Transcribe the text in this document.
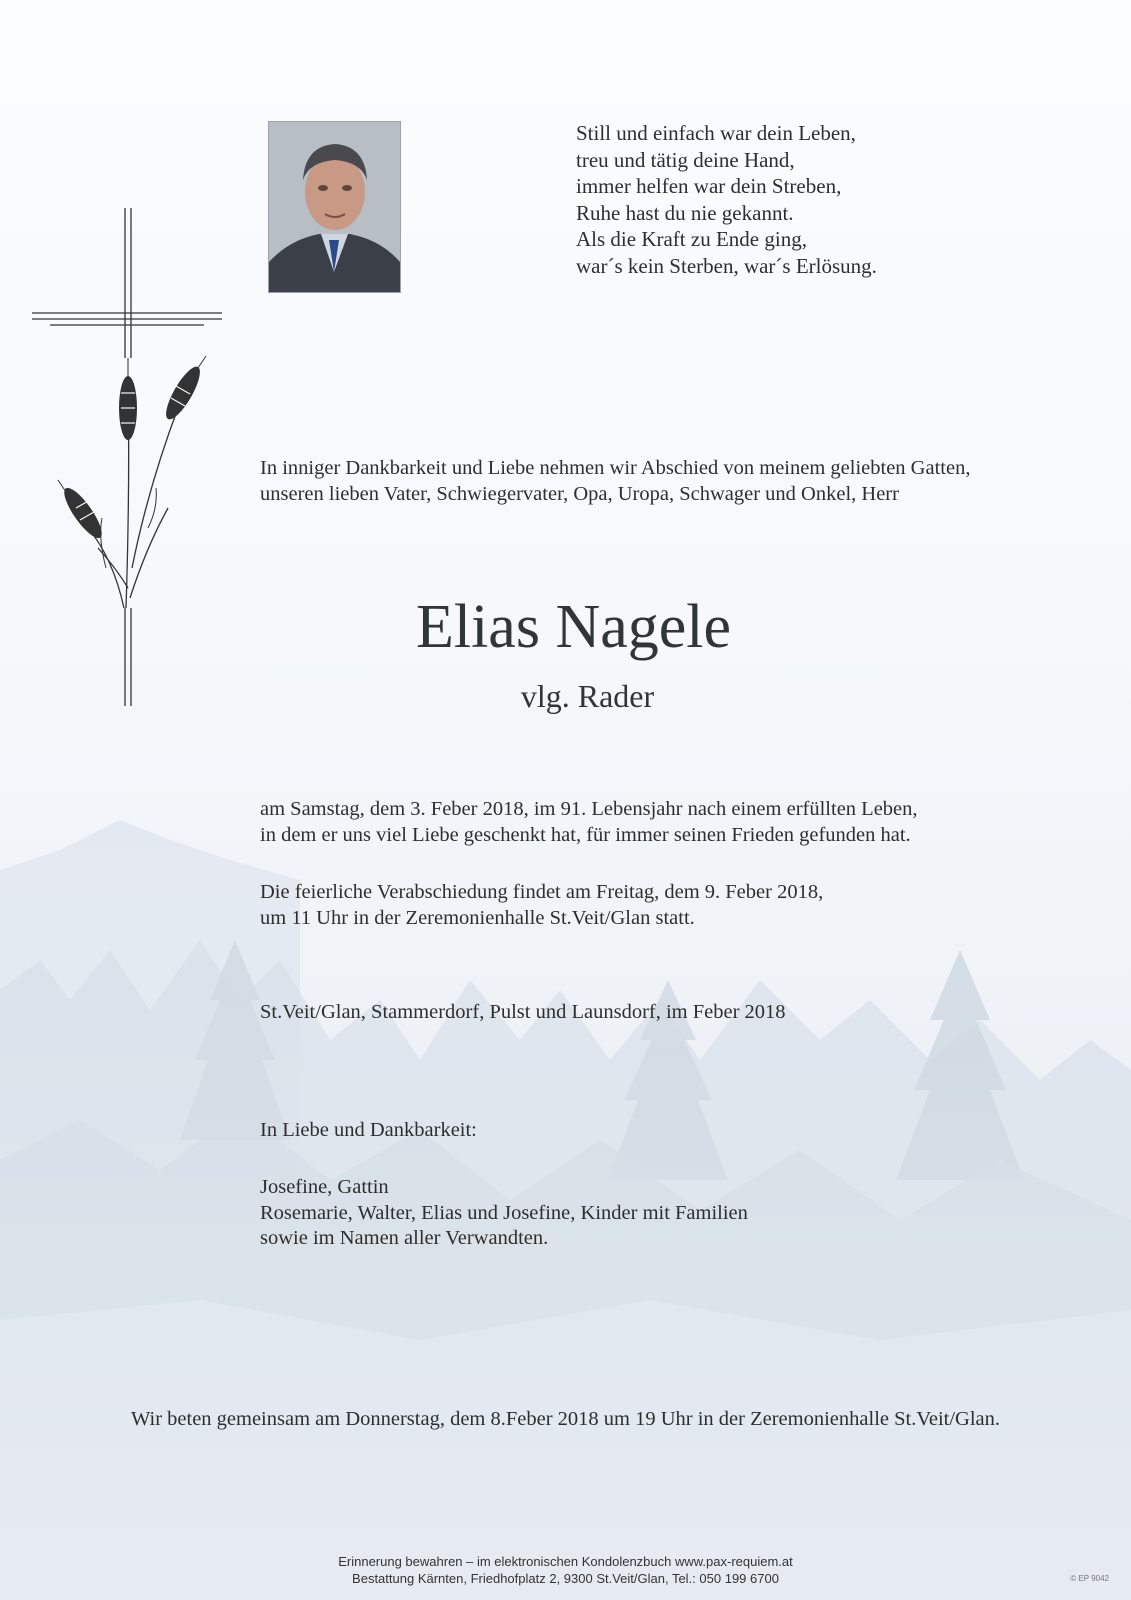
Still und einfach war dein Leben,
treu und tätig deine Hand,
immer helfen war dein Streben,
Ruhe hast du nie gekannt.
Als die Kraft zu Ende ging,
war´s kein Sterben, war´s Erlösung.

In inniger Dankbarkeit und Liebe nehmen wir Abschied von meinem geliebten Gatten, unseren lieben Vater, Schwiegervater, Opa, Uropa, Schwager und Onkel, Herr

Elias Nagele

vlg. Rader

am Samstag, dem 3. Feber 2018, im 91. Lebensjahr nach einem erfüllten Leben,
in dem er uns viel Liebe geschenkt hat, für immer seinen Frieden gefunden hat.

Die feierliche Verabschiedung findet am Freitag, dem 9. Feber 2018,
um 11 Uhr in der Zeremonienhalle St.Veit/Glan statt.

St.Veit/Glan, Stammerdorf, Pulst und Launsdorf, im Feber 2018

In Liebe und Dankbarkeit:

Josefine, Gattin
Rosemarie, Walter, Elias und Josefine, Kinder mit Familien
sowie im Namen aller Verwandten.

Wir beten gemeinsam am Donnerstag, dem 8.Feber 2018 um 19 Uhr in der Zeremonienhalle St.Veit/Glan.

Erinnerung bewahren – im elektronischen Kondolenzbuch www.pax-requiem.at
Bestattung Kärnten, Friedhofplatz 2, 9300 St.Veit/Glan, Tel.: 050 199 6700	© EP 9042
